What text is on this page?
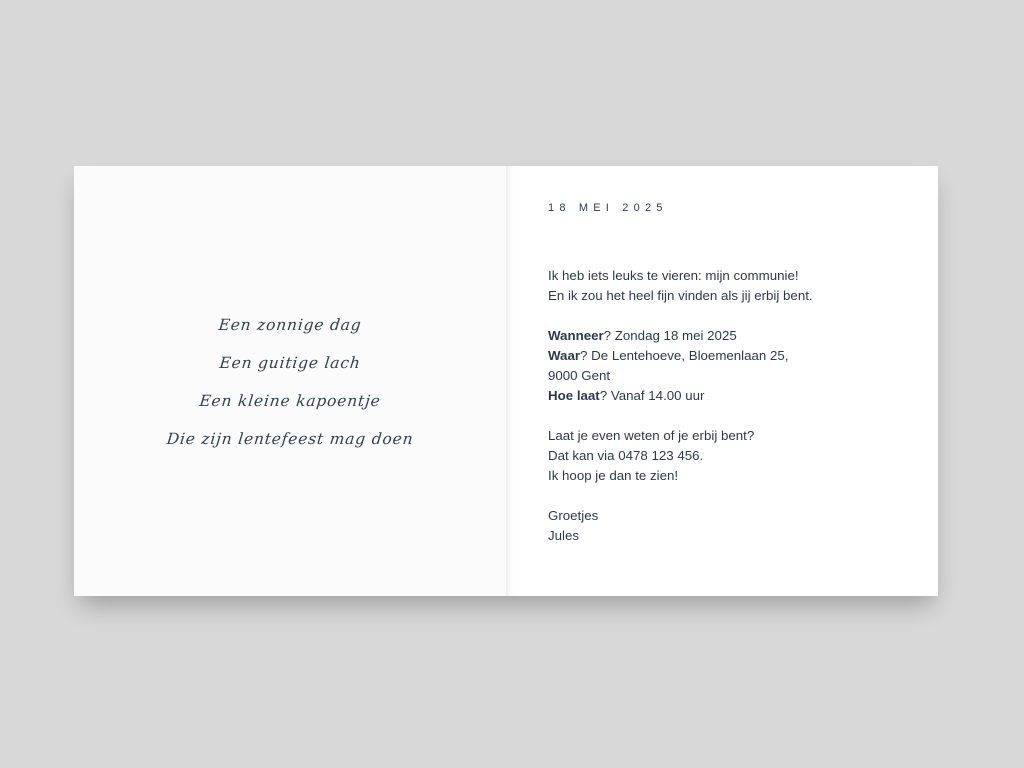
Een zonnige dag

Een guitige lach

Een kleine kapoentje

Die zijn lentefeest mag doen

18 MEI 2025

Ik heb iets leuks te vieren: mijn communie!
En ik zou het heel fijn vinden als jij erbij bent.

Wanneer? Zondag 18 mei 2025
Waar? De Lentehoeve, Bloemenlaan 25,
9000 Gent
Hoe laat? Vanaf 14.00 uur

Laat je even weten of je erbij bent?
Dat kan via 0478 123 456.
Ik hoop je dan te zien!

Groetjes
Jules
